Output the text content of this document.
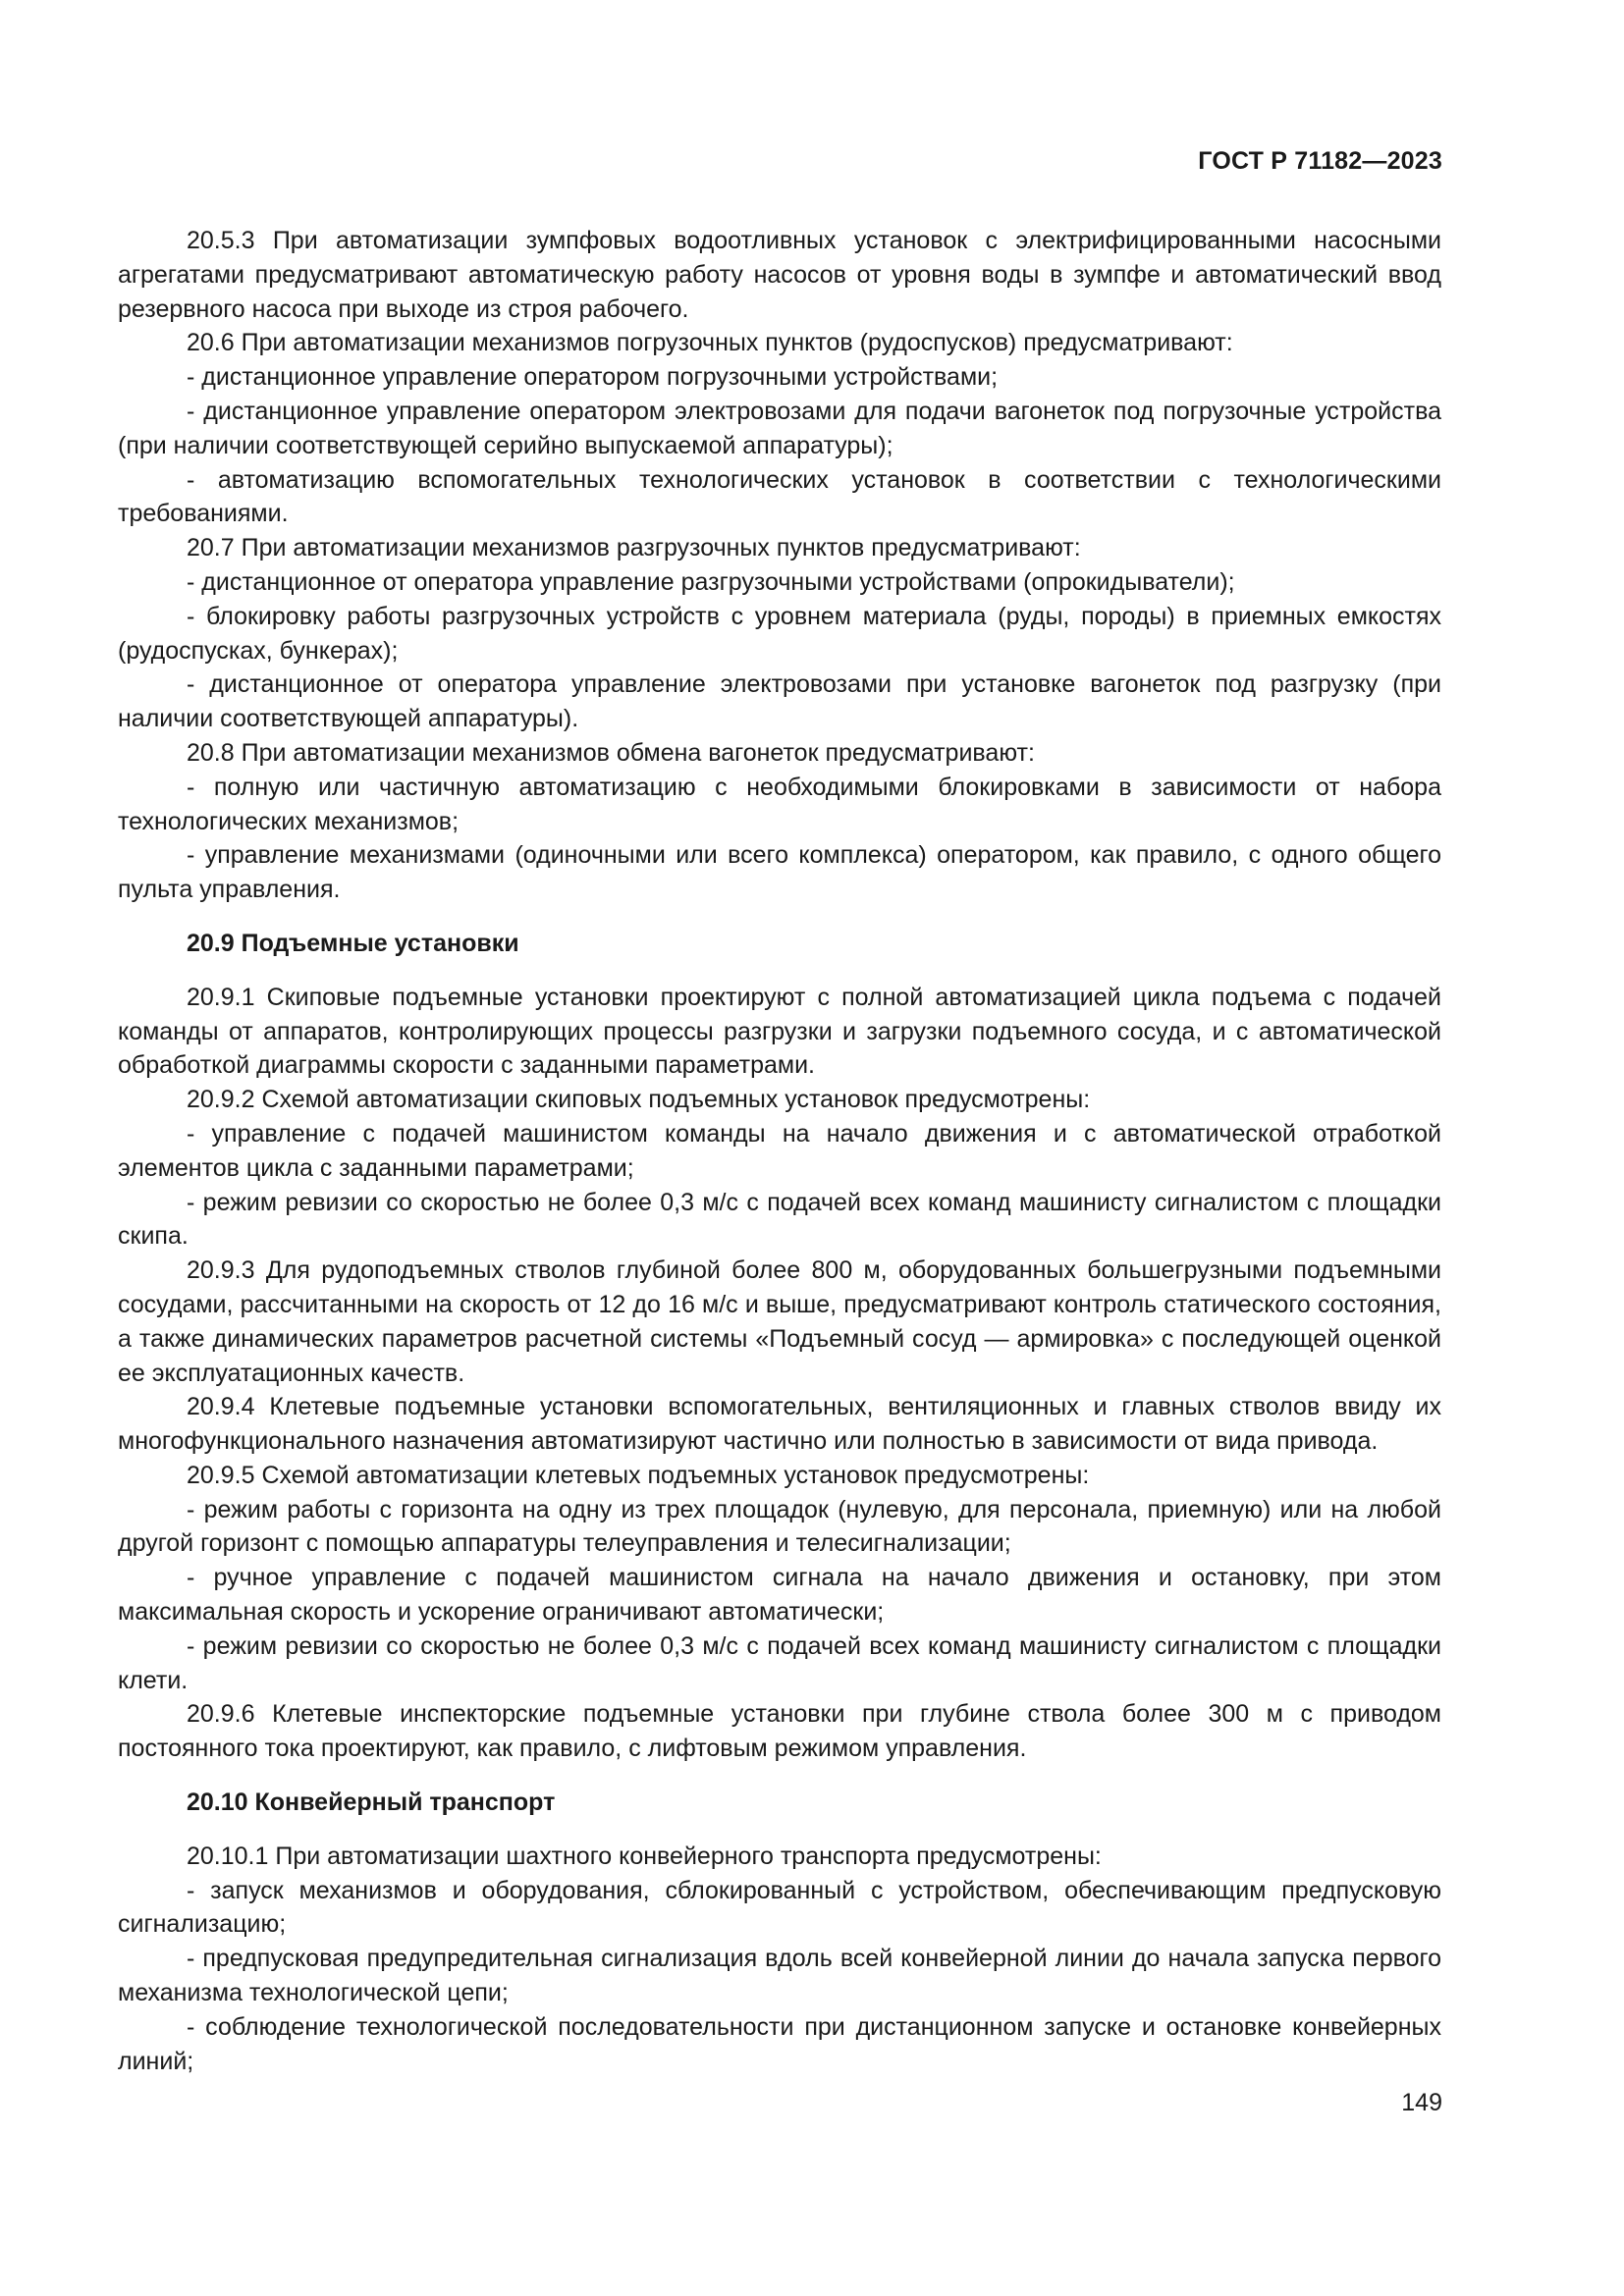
ГОСТ Р 71182—2023

20.5.3 При автоматизации зумпфовых водоотливных установок с электрифицированными насосными агрегатами предусматривают автоматическую работу насосов от уровня воды в зумпфе и автоматический ввод резервного насоса при выходе из строя рабочего.

20.6 При автоматизации механизмов погрузочных пунктов (рудоспусков) предусматривают:

- дистанционное управление оператором погрузочными устройствами;

- дистанционное управление оператором электровозами для подачи вагонеток под погрузочные устройства (при наличии соответствующей серийно выпускаемой аппаратуры);

- автоматизацию вспомогательных технологических установок в соответствии с технологическими требованиями.

20.7 При автоматизации механизмов разгрузочных пунктов предусматривают:

- дистанционное от оператора управление разгрузочными устройствами (опрокидыватели);

- блокировку работы разгрузочных устройств с уровнем материала (руды, породы) в приемных емкостях (рудоспусках, бункерах);

- дистанционное от оператора управление электровозами при установке вагонеток под разгрузку (при наличии соответствующей аппаратуры).

20.8 При автоматизации механизмов обмена вагонеток предусматривают:

- полную или частичную автоматизацию с необходимыми блокировками в зависимости от набора технологических механизмов;

- управление механизмами (одиночными или всего комплекса) оператором, как правило, с одного общего пульта управления.

20.9 Подъемные установки

20.9.1 Скиповые подъемные установки проектируют с полной автоматизацией цикла подъема с подачей команды от аппаратов, контролирующих процессы разгрузки и загрузки подъемного сосуда, и с автоматической обработкой диаграммы скорости с заданными параметрами.

20.9.2 Схемой автоматизации скиповых подъемных установок предусмотрены:

- управление с подачей машинистом команды на начало движения и с автоматической отработкой элементов цикла с заданными параметрами;

- режим ревизии со скоростью не более 0,3 м/с с подачей всех команд машинисту сигналистом с площадки скипа.

20.9.3 Для рудоподъемных стволов глубиной более 800 м, оборудованных большегрузными подъемными сосудами, рассчитанными на скорость от 12 до 16 м/с и выше, предусматривают контроль статического состояния, а также динамических параметров расчетной системы «Подъемный сосуд — армировка» с последующей оценкой ее эксплуатационных качеств.

20.9.4 Клетевые подъемные установки вспомогательных, вентиляционных и главных стволов ввиду их многофункционального назначения автоматизируют частично или полностью в зависимости от вида привода.

20.9.5 Схемой автоматизации клетевых подъемных установок предусмотрены:

- режим работы с горизонта на одну из трех площадок (нулевую, для персонала, приемную) или на любой другой горизонт с помощью аппаратуры телеуправления и телесигнализации;

- ручное управление с подачей машинистом сигнала на начало движения и остановку, при этом максимальная скорость и ускорение ограничивают автоматически;

- режим ревизии со скоростью не более 0,3 м/с с подачей всех команд машинисту сигналистом с площадки клети.

20.9.6 Клетевые инспекторские подъемные установки при глубине ствола более 300 м с приводом постоянного тока проектируют, как правило, с лифтовым режимом управления.

20.10 Конвейерный транспорт

20.10.1 При автоматизации шахтного конвейерного транспорта предусмотрены:

- запуск механизмов и оборудования, сблокированный с устройством, обеспечивающим предпусковую сигнализацию;

- предпусковая предупредительная сигнализация вдоль всей конвейерной линии до начала запуска первого механизма технологической цепи;

- соблюдение технологической последовательности при дистанционном запуске и остановке конвейерных линий;

149
